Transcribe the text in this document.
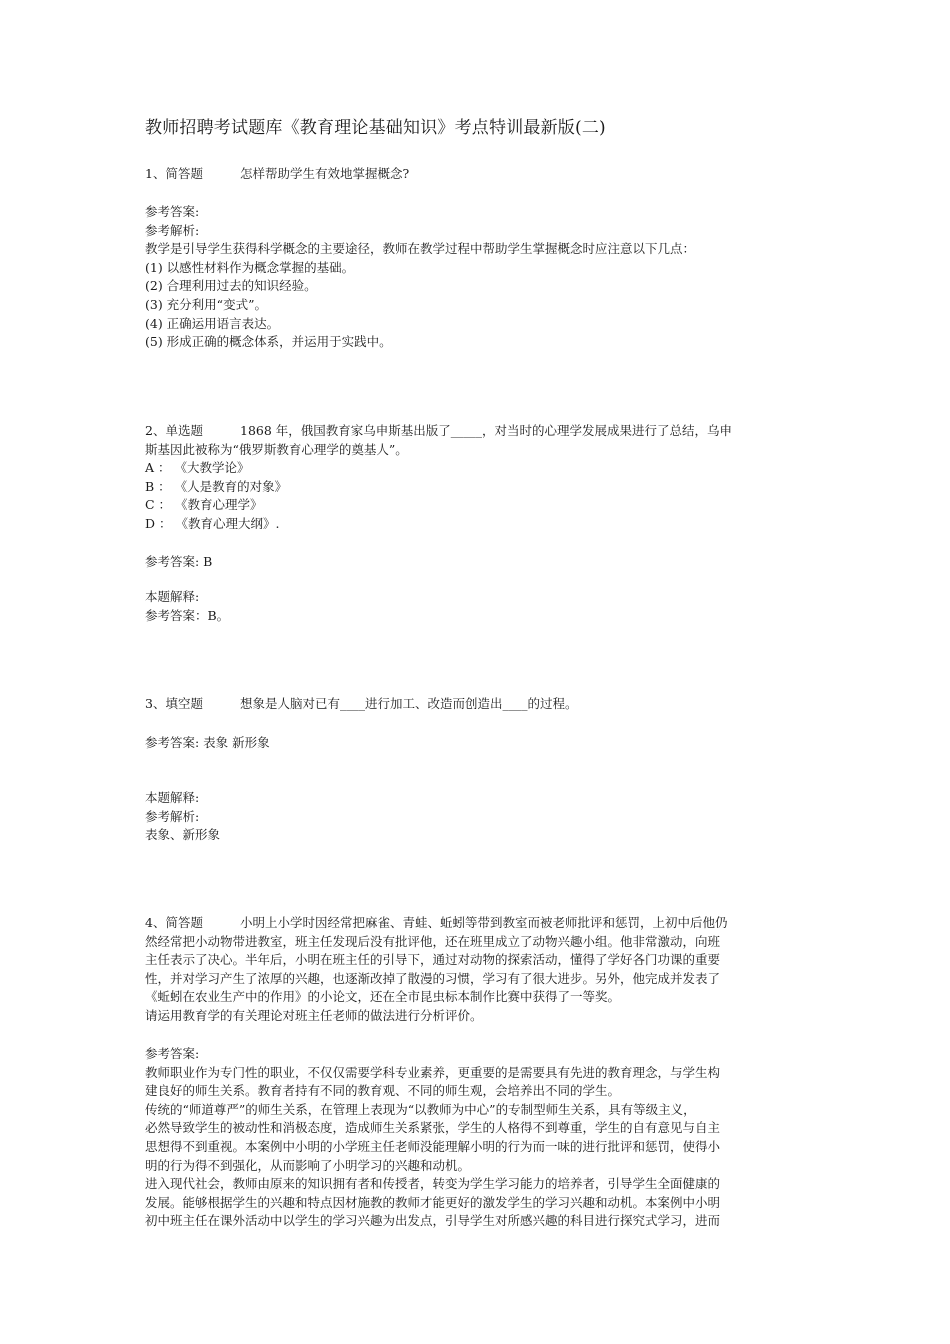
教师招聘考试题库《教育理论基础知识》考点特训最新版(二)
1、简答题	怎样帮助学生有效地掌握概念?
参考答案:
参考解析:
教学是引导学生获得科学概念的主要途径，教师在教学过程中帮助学生掌握概念时应注意以下几点：
(1) 以感性材料作为概念掌握的基础。
(2) 合理利用过去的知识经验。
(3) 充分利用“变式”。
(4) 正确运用语言表达。
(5) 形成正确的概念体系，并运用于实践中。
2、单选题	1868 年，俄国教育家乌申斯基出版了_____，对当时的心理学发展成果进行了总结，乌申
斯基因此被称为“俄罗斯教育心理学的奠基人”。
A ： 《大教学论》
B ： 《人是教育的对象》
C ： 《教育心理学》
D ： 《教育心理大纲》.
参考答案: B
本题解释:
参考答案：B。
3、填空题	想象是人脑对已有____进行加工、改造而创造出____的过程。
参考答案: 表象 新形象
本题解释:
参考解析:
表象、新形象
4、简答题	小明上小学时因经常把麻雀、青蛙、蚯蚓等带到教室而被老师批评和惩罚，上初中后他仍
然经常把小动物带进教室，班主任发现后没有批评他，还在班里成立了动物兴趣小组。他非常激动，向班
主任表示了决心。半年后，小明在班主任的引导下，通过对动物的探索活动，懂得了学好各门功课的重要
性，并对学习产生了浓厚的兴趣，也逐渐改掉了散漫的习惯，学习有了很大进步。另外，他完成并发表了
《蚯蚓在农业生产中的作用》的小论文，还在全市昆虫标本制作比赛中获得了一等奖。
请运用教育学的有关理论对班主任老师的做法进行分析评价。
参考答案:
教师职业作为专门性的职业，不仅仅需要学科专业素养，更重要的是需要具有先进的教育理念，与学生构
建良好的师生关系。教育者持有不同的教育观、不同的师生观，会培养出不同的学生。
传统的“师道尊严”的师生关系，在管理上表现为“以教师为中心”的专制型师生关系，具有等级主义，
必然导致学生的被动性和消极态度，造成师生关系紧张，学生的人格得不到尊重，学生的自有意见与自主
思想得不到重视。本案例中小明的小学班主任老师没能理解小明的行为而一味的进行批评和惩罚，使得小
明的行为得不到强化，从而影响了小明学习的兴趣和动机。
进入现代社会，教师由原来的知识拥有者和传授者，转变为学生学习能力的培养者，引导学生全面健康的
发展。能够根据学生的兴趣和特点因材施教的教师才能更好的激发学生的学习兴趣和动机。本案例中小明
初中班主任在课外活动中以学生的学习兴趣为出发点，引导学生对所感兴趣的科目进行探究式学习，进而
